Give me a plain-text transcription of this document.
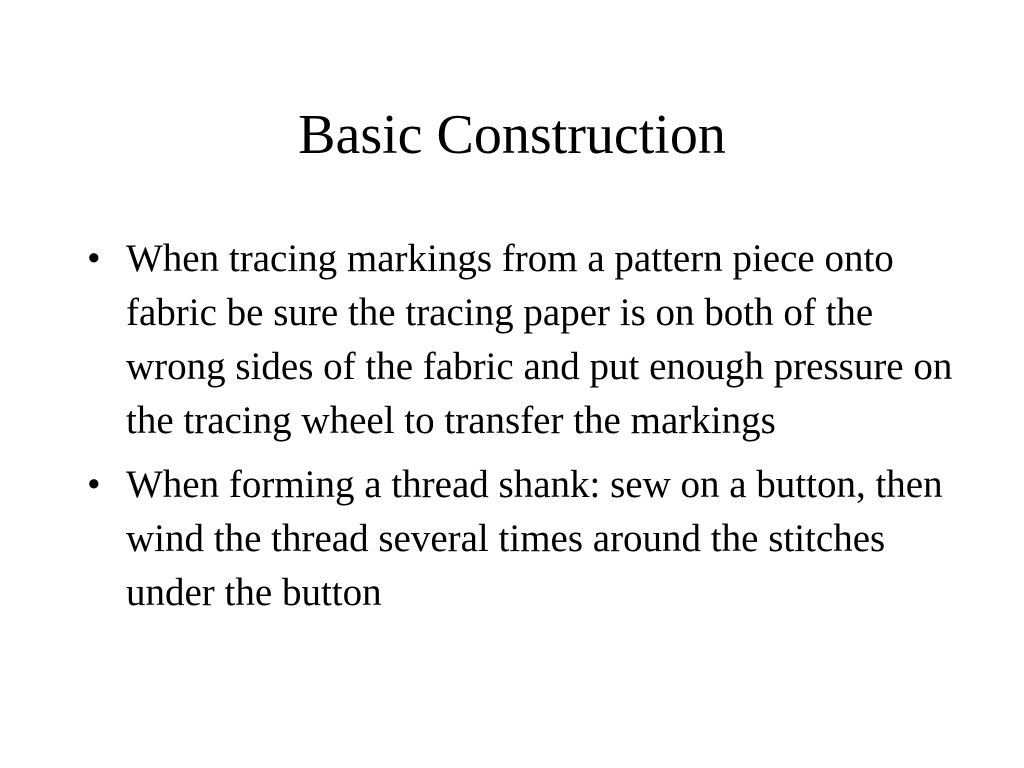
Basic Construction
• When tracing markings from a pattern piece onto fabric be sure the tracing paper is on both of the wrong sides of the fabric and put enough pressure on the tracing wheel to transfer the markings
• When forming a thread shank: sew on a button, then wind the thread several times around the stitches under the button
